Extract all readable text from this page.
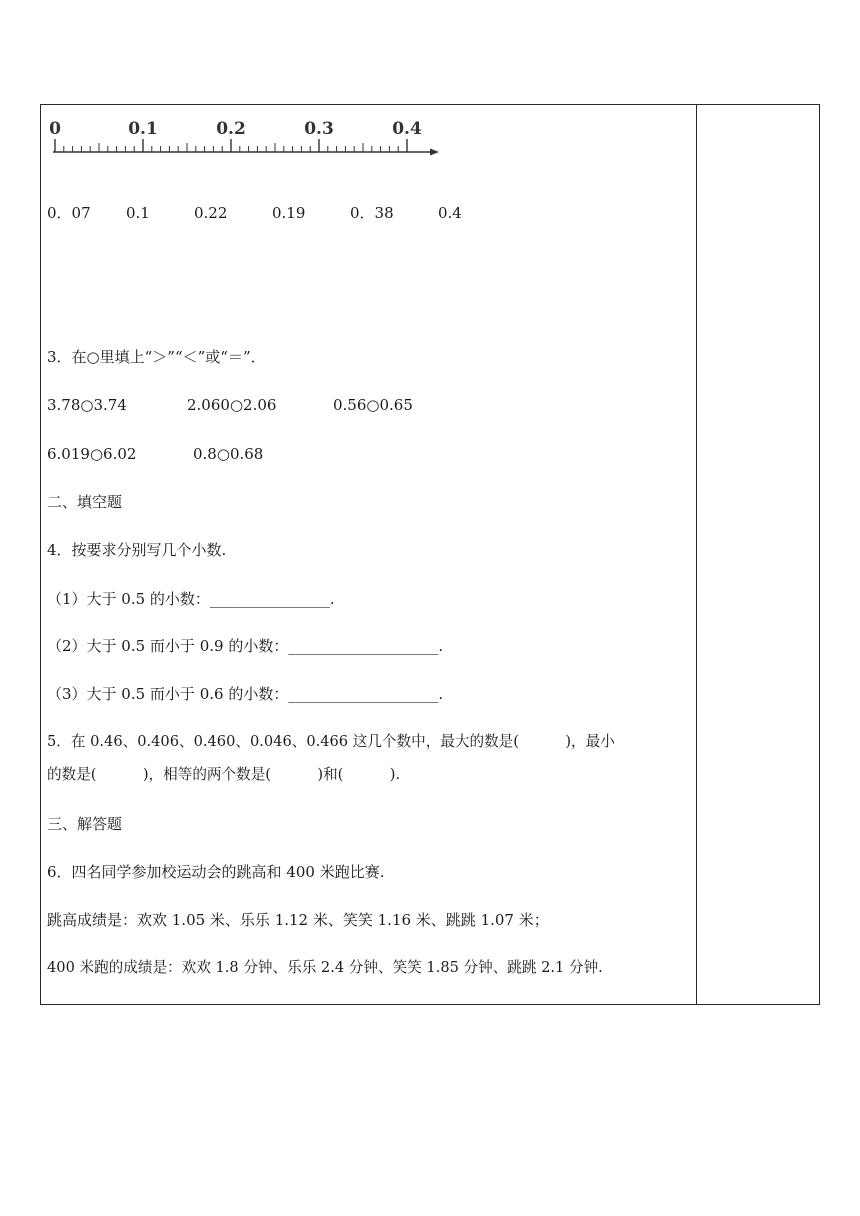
0	0.1	0.2	0.3	0.4
0．07 0.1	0.22	0.19	0．38	0.4
3．在○里填上“＞”“＜”或“＝”．
3.78○3.74	2.060○2.06	0.56○0.65
6.019○6.02	0.8○0.68
二、填空题
4．按要求分别写几个小数.
（1）大于 0.5 的小数：________________.
（2）大于 0.5 而小于 0.9 的小数：____________________.
（3）大于 0.5 而小于 0.6 的小数：____________________.
5．在 0.46、0.406、0.460、0.046、0.466 这几个数中，最大的数是(          )，最小
的数是(          )，相等的两个数是(          )和(          ).
三、解答题
6．四名同学参加校运动会的跳高和 400 米跑比赛.
跳高成绩是：欢欢 1.05 米、乐乐 1.12 米、笑笑 1.16 米、跳跳 1.07 米；
400 米跑的成绩是：欢欢 1.8 分钟、乐乐 2.4 分钟、笑笑 1.85 分钟、跳跳 2.1 分钟.
